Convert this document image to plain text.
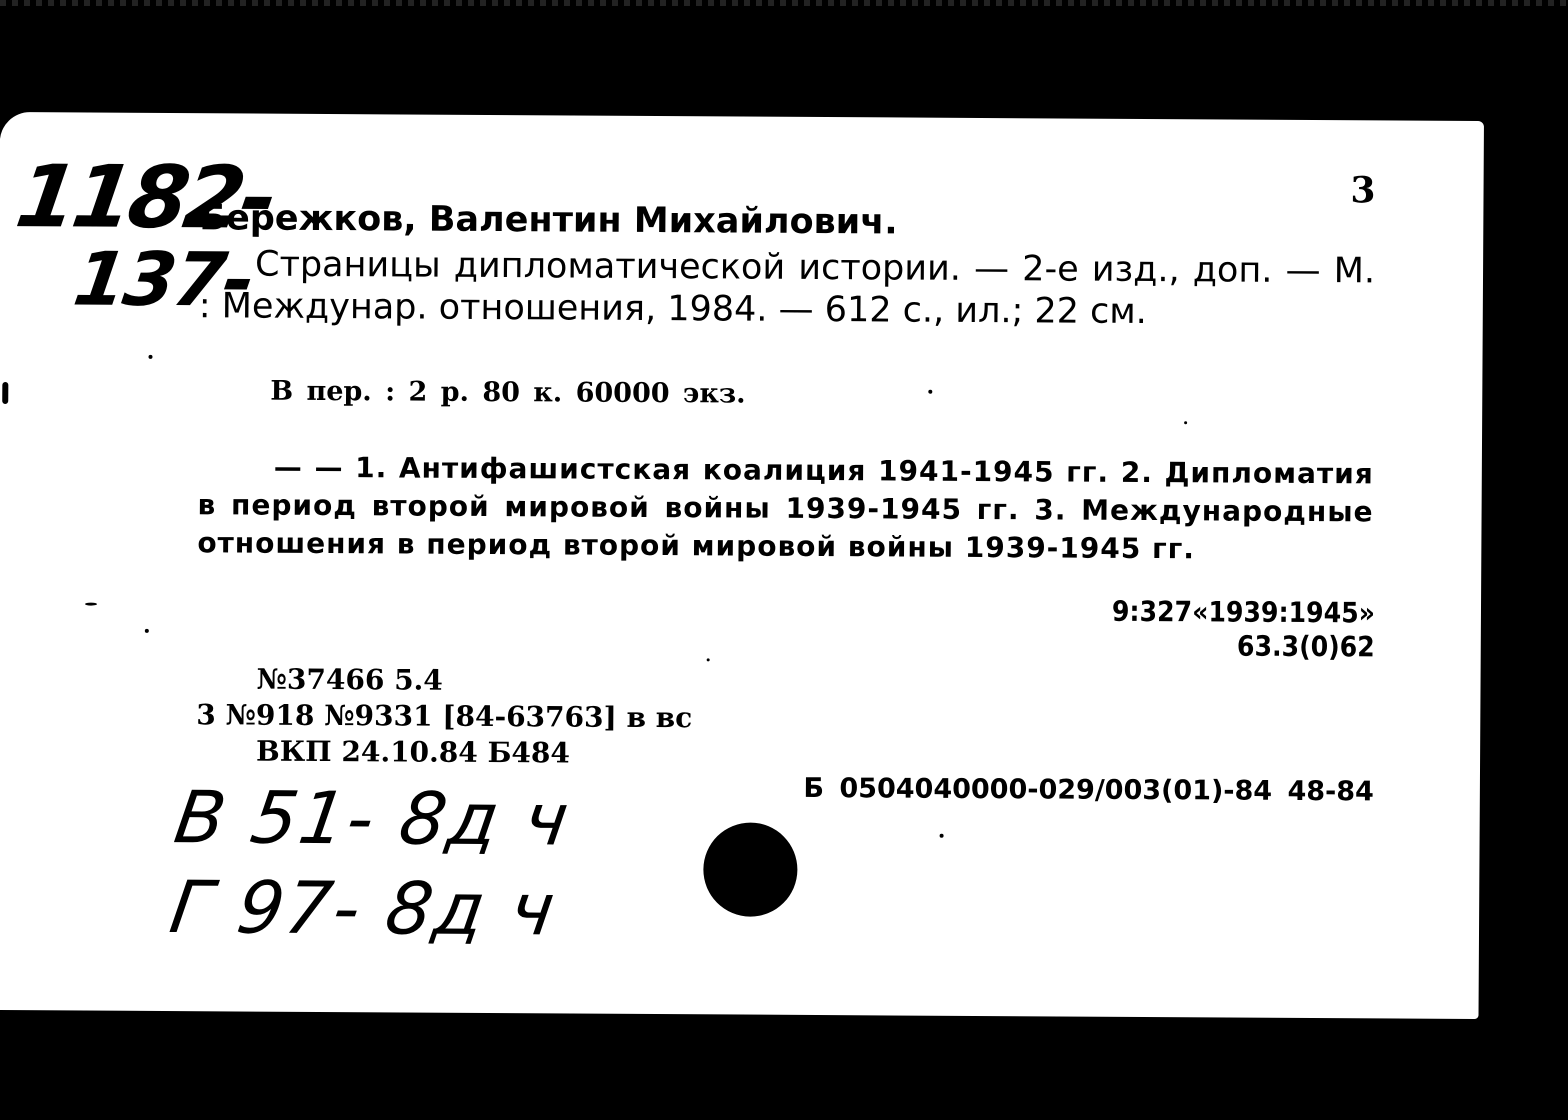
1182-
137-
3
Бережков, Валентин Михайлович.
Страницы дипломатической истории. — 2-е изд., доп. — М. : Междунар. отношения, 1984. — 612 с., ил.; 22 см.
В пер. : 2 р. 80 к. 60000 экз.
— — 1. Антифашистская коалиция 1941-1945 гг. 2. Дипломатия в период второй мировой войны 1939-1945 гг. 3. Международные отношения в период второй мировой войны 1939-1945 гг.
9:327«1939:1945»
63.3(0)62
№37466 5.4
3 №918 №9331 [84-63763] в вс
ВКП 24.10.84 Б484
Б 0504040000-029/003(01)-84 48-84
В 51- 8д ч
Г 97- 8д ч
